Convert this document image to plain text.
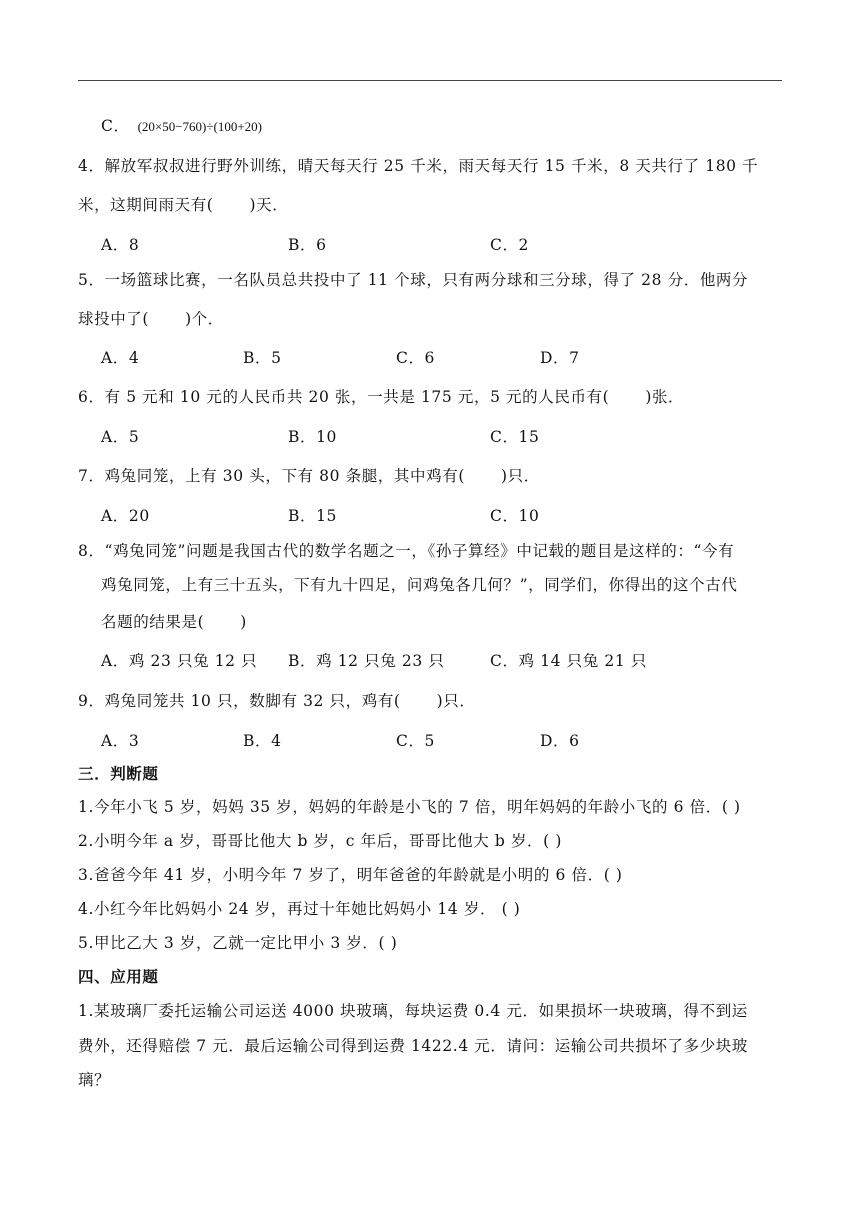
C． (20×50−760)÷(100+20)
4．解放军叔叔进行野外训练，晴天每天行 25 千米，雨天每天行 15 千米，8 天共行了 180 千
米，这期间雨天有( )天．
A．8	B．6	C．2
5．一场篮球比赛，一名队员总共投中了 11 个球，只有两分球和三分球，得了 28 分．他两分
球投中了( )个．
A．4	B．5	C．6	D．7
6．有 5 元和 10 元的人民币共 20 张，一共是 175 元，5 元的人民币有( )张．
A．5	B．10	C．15
7．鸡兔同笼，上有 30 头，下有 80 条腿，其中鸡有( )只．
A．20	B．15	C．10
8．“鸡兔同笼”问题是我国古代的数学名题之一，《孙子算经》中记载的题目是这样的：“今有
鸡兔同笼，上有三十五头，下有九十四足，问鸡兔各几何？”，同学们，你得出的这个古代
名题的结果是( )
A．鸡 23 只兔 12 只 B．鸡 12 只兔 23 只	C．鸡 14 只兔 21 只
9．鸡兔同笼共 10 只，数脚有 32 只，鸡有( )只．
A．3	B．4	C．5	D．6
三．判断题
1.今年小飞 5 岁，妈妈 35 岁，妈妈的年龄是小飞的 7 倍，明年妈妈的年龄小飞的 6 倍．( )
2.小明今年 a 岁，哥哥比他大 b 岁，c 年后，哥哥比他大 b 岁．( )
3.爸爸今年 41 岁，小明今年 7 岁了，明年爸爸的年龄就是小明的 6 倍．( )
4.小红今年比妈妈小 24 岁，再过十年她比妈妈小 14 岁． ( )
5.甲比乙大 3 岁，乙就一定比甲小 3 岁．( )
四、应用题
1.某玻璃厂委托运输公司运送 4000 块玻璃，每块运费 0.4 元．如果损坏一块玻璃，得不到运
费外，还得赔偿 7 元．最后运输公司得到运费 1422.4 元．请问：运输公司共损坏了多少块玻
璃？
